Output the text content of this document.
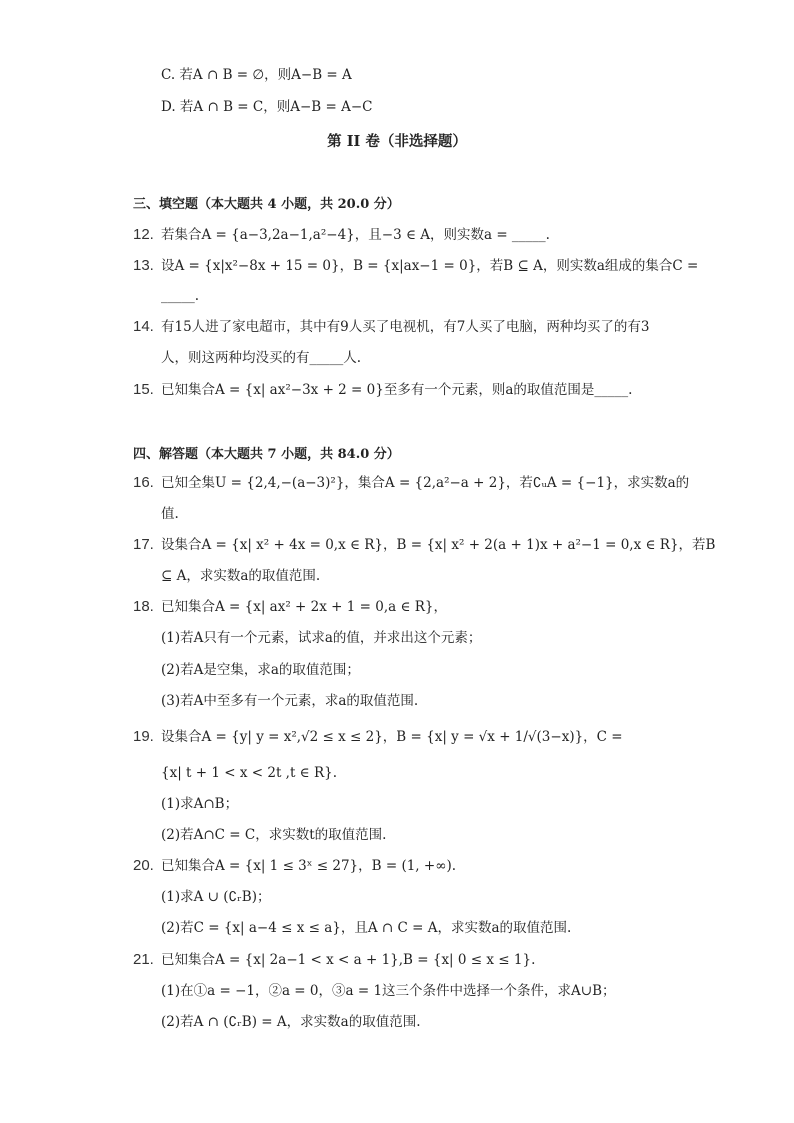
C. 若A ∩ B = ∅，则A−B = A
D. 若A ∩ B = C，则A−B = A−C
第 II 卷（非选择题）
三、填空题（本大题共 4 小题，共 20.0 分）
12. 若集合A = {a−3,2a−1,a²−4}，且−3 ∈ A，则实数a = _____.
13. 设A = {x|x²−8x + 15 = 0}，B = {x|ax−1 = 0}，若B ⊆ A，则实数a组成的集合C =
_____.
14. 有15人进了家电超市，其中有9人买了电视机，有7人买了电脑，两种均买了的有3
人，则这两种均没买的有_____人.
15. 已知集合A = {x| ax²−3x + 2 = 0}至多有一个元素，则a的取值范围是_____.
四、解答题（本大题共 7 小题，共 84.0 分）
16. 已知全集U = {2,4,−(a−3)²}，集合A = {2,a²−a + 2}，若∁ᵤA = {−1}，求实数a的
值.
17. 设集合A = {x| x² + 4x = 0,x ∈ R}，B = {x| x² + 2(a + 1)x + a²−1 = 0,x ∈ R}，若B
⊆ A，求实数a的取值范围.
18. 已知集合A = {x| ax² + 2x + 1 = 0,a ∈ R}，
(1)若A只有一个元素，试求a的值，并求出这个元素；
(2)若A是空集，求a的取值范围；
(3)若A中至多有一个元素，求a的取值范围.
19. 设集合A = {y| y = x²,√2 ≤ x ≤ 2}，B = {x| y = √x + 1/√(3−x)}，C =
{x| t + 1 < x < 2t ,t ∈ R}.
(1)求A∩B；
(2)若A∩C = C，求实数t的取值范围.
20. 已知集合A = {x| 1 ≤ 3ˣ ≤ 27}，B = (1, +∞).
(1)求A ∪ (∁ᵣB)；
(2)若C = {x| a−4 ≤ x ≤ a}，且A ∩ C = A，求实数a的取值范围.
21. 已知集合A = {x| 2a−1 < x < a + 1},B = {x| 0 ≤ x ≤ 1}.
(1)在①a = −1，②a = 0，③a = 1这三个条件中选择一个条件，求A∪B；
(2)若A ∩ (∁ᵣB) = A，求实数a的取值范围.
